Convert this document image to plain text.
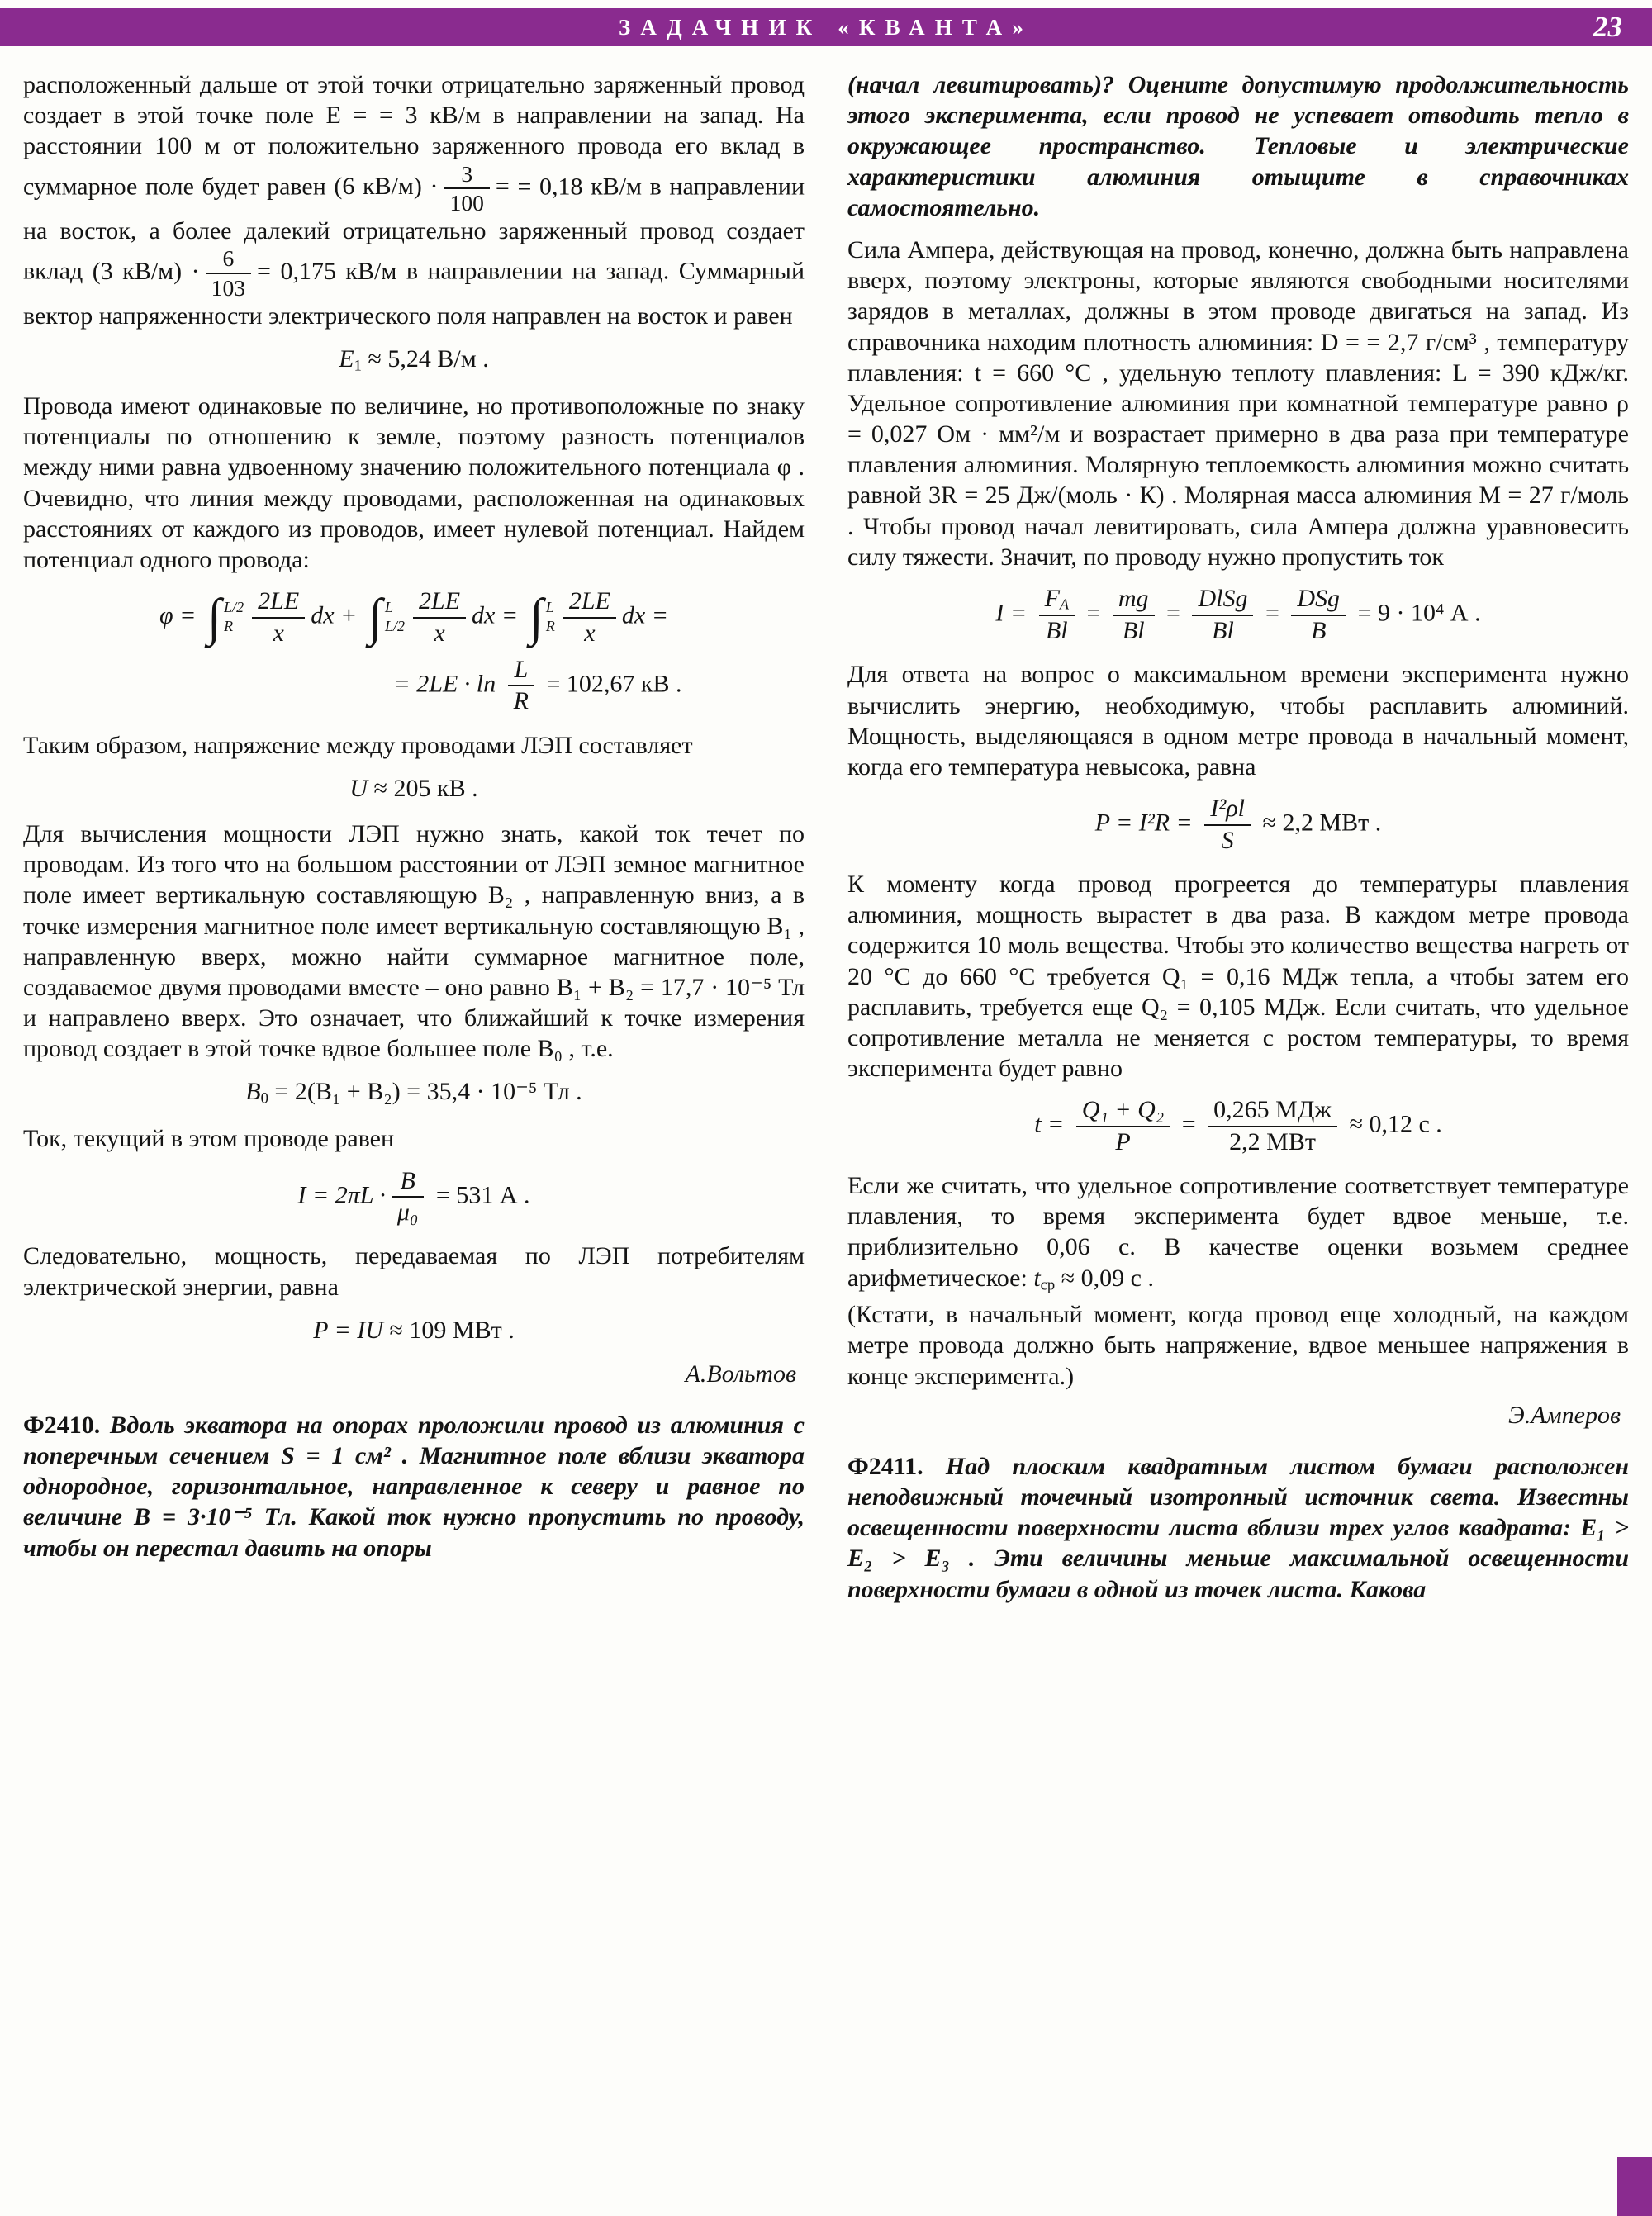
ЗАДАЧНИК «КВАНТА»	23

расположенный дальше от этой точки отрицательно заряженный провод создает в этой точке поле E = = 3 кВ/м в направлении на запад. На расстоянии 100 м от положительно заряженного провода его вклад в суммарное поле будет равен (6 $кВ/м) \cdot \frac{3}{100}$ = = 0,18 кВ/м в направлении на восток, а более далекий отрицательно заряженный провод создает вклад (3 $кВ/м) \cdot \frac{6}{103} = 0,175$ кВ/м в направлении на запад. Суммарный вектор напряженности электрического поля направлен на восток и равен

E1 ≈ 5,24 В/м .

Провода имеют одинаковые по величине, но противоположные по знаку потенциалы по отношению к земле, поэтому разность потенциалов между ними равна удвоенному значению положительного потенциала φ . Очевидно, что линия между проводами, расположенная на одинаковых расстояниях от каждого из проводов, имеет нулевой потенциал. Найдем потенциал одного провода:

φ = ∫ L/2
R $\frac{2LE}{x}$ dx + ∫ L
$L/2 \frac{2LE}{x}$ dx = ∫ L
R $\frac{2LE}{x}$ dx =
= $2LE \cdot \ln \frac{L}{R} = 102,67$ кВ .

Таким образом, напряжение между проводами ЛЭП составляет

U ≈ 205 кВ .

Для вычисления мощности ЛЭП нужно знать, какой ток течет по проводам. Из того что на большом расстоянии от ЛЭП земное магнитное поле имеет вертикальную составляющую B₂ , направленную вниз, а в точке измерения магнитное поле имеет вертикальную составляющую B₁ , направленную вверх, можно найти суммарное магнитное поле, создаваемое двумя проводами вместе – оно равно B₁ + B₂ = 17,7 · 10⁻⁵ Тл и направлено вверх. Это означает, что ближайший к точке измерения провод создает в этой точке вдвое большее поле B₀ , т.е.

B0 = 2(B₁ + B₂) = 35,4 · 10⁻⁵ Тл .

Ток, текущий в этом проводе равен

$I = 2\pi L \cdot \frac{B}{\text{μ₀}} = 531$ А .

Следовательно, мощность, передаваемая по ЛЭП потребителям электрической энергии, равна

P = IU ≈ 109 МВт .

А.Вольтов

Ф2410. Вдоль экватора на опорах проложили провод из алюминия с поперечным сечением S = 1 см² . Магнитное поле вблизи экватора однородное, горизонтальное, направленное к северу и равное по величине B = 3·10⁻⁵ Тл. Какой ток нужно пропустить по проводу, чтобы он перестал давить на опоры

(начал левитировать)? Оцените допустимую продолжительность этого эксперимента, если провод не успевает отводить тепло в окружающее пространство. Тепловые и электрические характеристики алюминия отыщите в справочниках самостоятельно.

Сила Ампера, действующая на провод, конечно, должна быть направлена вверх, поэтому электроны, которые являются свободными носителями зарядов в металлах, должны в этом проводе двигаться на запад. Из справочника находим плотность алюминия: D = = 2,7 г/см³ , температуру плавления: t = 660 °C , удельную теплоту плавления: L = 390 кДж/кг. Удельное сопротивление алюминия при комнатной температуре равно ρ = 0,027 Ом · мм²/м и возрастает примерно в два раза при температуре плавления алюминия. Молярную теплоемкость алюминия можно считать равной 3R = 25 Дж/(моль · К) . Молярная масса алюминия M = 27 г/моль . Чтобы провод начал левитировать, сила Ампера должна уравновесить силу тяжести. Значит, по проводу нужно пропустить ток

$I = \frac{FA}{Bl} = \frac{mg}{Bl} = \frac{\text{DlSg}}{Bl} = \frac{\text{DSg}}{B} = 9 \cdot 10^4$ А .

Для ответа на вопрос о максимальном времени эксперимента нужно вычислить энергию, необходимую, чтобы расплавить алюминий. Мощность, выделяющаяся в одном метре провода в начальный момент, когда его температура невысока, равна

$P = I^2R = \frac{\text{I²ρl}}{S} \approx 2,2$ МВт .

К моменту когда провод прогреется до температуры плавления алюминия, мощность вырастет в два раза. В каждом метре провода содержится 10 моль вещества. Чтобы это количество вещества нагреть от 20 °C до 660 °C требуется Q₁ = 0,16 МДж тепла, а чтобы затем его расплавить, требуется еще Q₂ = 0,105 МДж. Если считать, что удельное сопротивление металла не меняется с ростом температуры, то время эксперимента будет равно

$t = \frac{\text{Q₁ + Q₂}}{P} = \frac{\text{0,265 МДж}}{\text{2,2 МВт}} \approx 0,12$ с .

Если же считать, что удельное сопротивление соответствует температуре плавления, то время эксперимента будет вдвое меньше, т.е. приблизительно 0,06 с. В качестве оценки возьмем среднее арифметическое: tср ≈ 0,09 с .

(Кстати, в начальный момент, когда провод еще холодный, на каждом метре провода должно быть напряжение, вдвое меньшее напряжения в конце эксперимента.)

Э.Амперов

Ф2411. Над плоским квадратным листом бумаги расположен неподвижный точечный изотропный источник света. Известны освещенности поверхности листа вблизи трех углов квадрата: E₁ > E₂ > E₃ . Эти величины меньше максимальной освещенности поверхности бумаги в одной из точек листа. Какова
